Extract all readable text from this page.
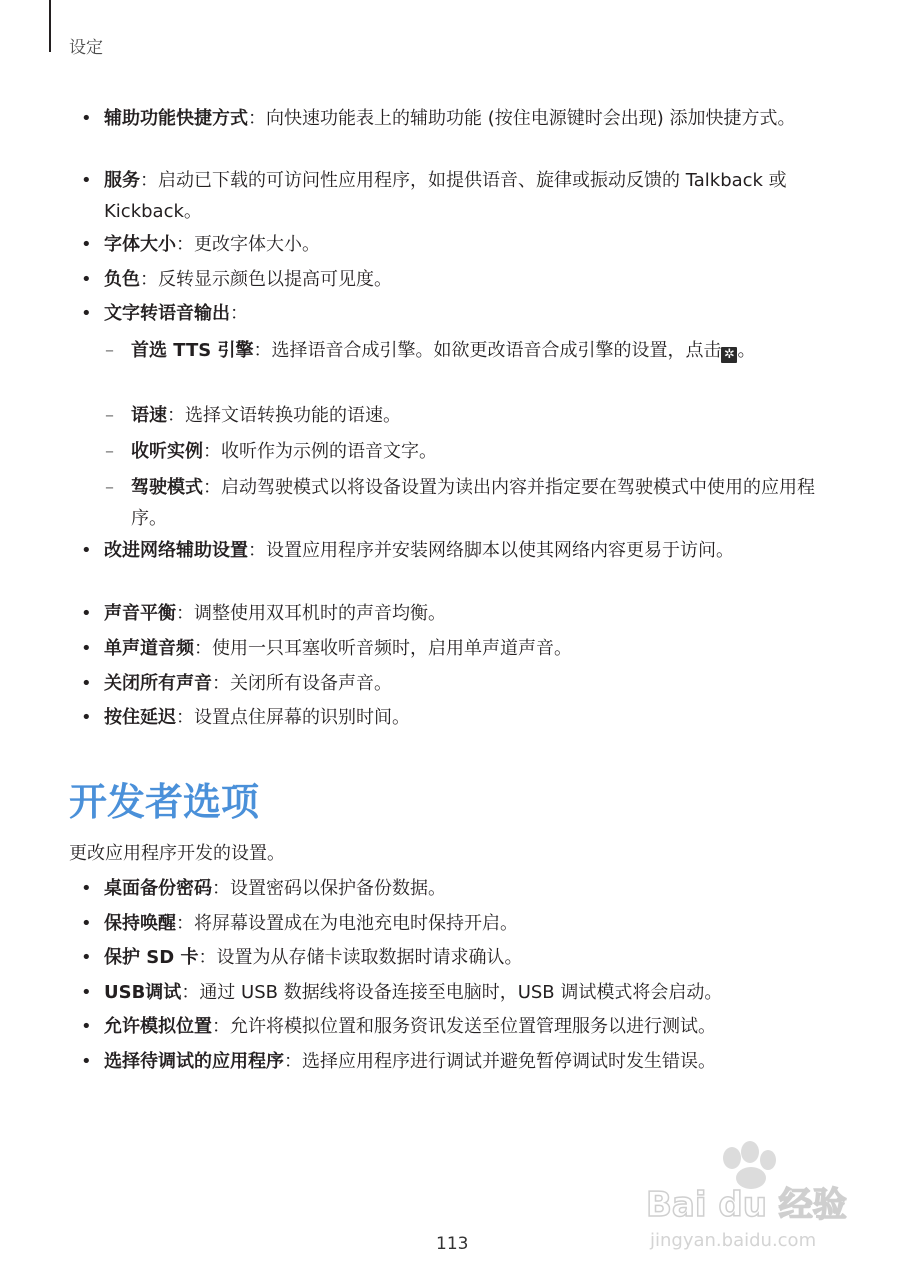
设定
• 辅助功能快捷方式：向快速功能表上的辅助功能 (按住电源键时会出现) 添加快捷方式。
• 服务：启动已下载的可访问性应用程序，如提供语音、旋律或振动反馈的 Talkback 或 Kickback。
• 字体大小：更改字体大小。
• 负色：反转显示颜色以提高可见度。
• 文字转语音输出：
– 首选 TTS 引擎：选择语音合成引擎。如欲更改语音合成引擎的设置，点击 ✲ 。
– 语速：选择文语转换功能的语速。
– 收听实例：收听作为示例的语音文字。
– 驾驶模式：启动驾驶模式以将设备设置为读出内容并指定要在驾驶模式中使用的应用程序。
• 改进网络辅助设置：设置应用程序并安装网络脚本以使其网络内容更易于访问。
• 声音平衡：调整使用双耳机时的声音均衡。
• 单声道音频：使用一只耳塞收听音频时，启用单声道声音。
• 关闭所有声音：关闭所有设备声音。
• 按住延迟：设置点住屏幕的识别时间。
开发者选项
更改应用程序开发的设置。
• 桌面备份密码：设置密码以保护备份数据。
• 保持唤醒：将屏幕设置成在为电池充电时保持开启。
• 保护 SD 卡：设置为从存储卡读取数据时请求确认。
• USB调试：通过 USB 数据线将设备连接至电脑时，USB 调试模式将会启动。
• 允许模拟位置：允许将模拟位置和服务资讯发送至位置管理服务以进行测试。
• 选择待调试的应用程序：选择应用程序进行调试并避免暂停调试时发生错误。
Bai du 经验
jingyan.baidu.com
113
